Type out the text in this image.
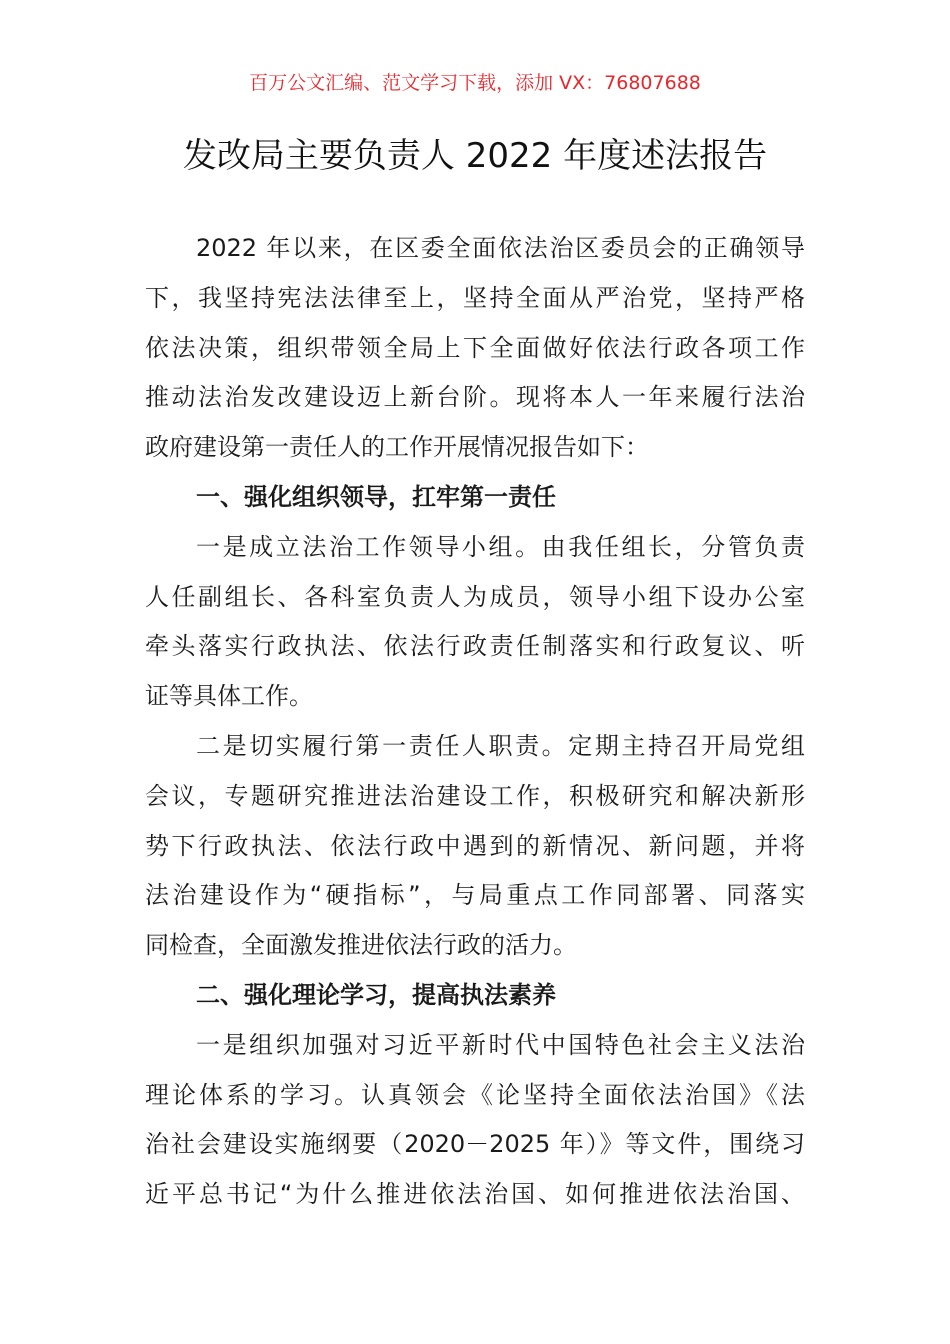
百万公文汇编、范文学习下载，添加 VX：76807688
发改局主要负责人 2022 年度述法报告
2022 年以来，在区委全面依法治区委员会的正确领导
下，我坚持宪法法律至上，坚持全面从严治党，坚持严格
依法决策，组织带领全局上下全面做好依法行政各项工作
推动法治发改建设迈上新台阶。现将本人一年来履行法治
政府建设第一责任人的工作开展情况报告如下：
一、强化组织领导，扛牢第一责任
一是成立法治工作领导小组。由我任组长，分管负责
人任副组长、各科室负责人为成员，领导小组下设办公室
牵头落实行政执法、依法行政责任制落实和行政复议、听
证等具体工作。
二是切实履行第一责任人职责。定期主持召开局党组
会议，专题研究推进法治建设工作，积极研究和解决新形
势下行政执法、依法行政中遇到的新情况、新问题，并将
法治建设作为“硬指标”，与局重点工作同部署、同落实
同检查，全面激发推进依法行政的活力。
二、强化理论学习，提高执法素养
一是组织加强对习近平新时代中国特色社会主义法治
理论体系的学习。认真领会《论坚持全面依法治国》《法
治社会建设实施纲要（2020－2025 年）》等文件，围绕习
近平总书记“为什么推进依法治国、如何推进依法治国、
